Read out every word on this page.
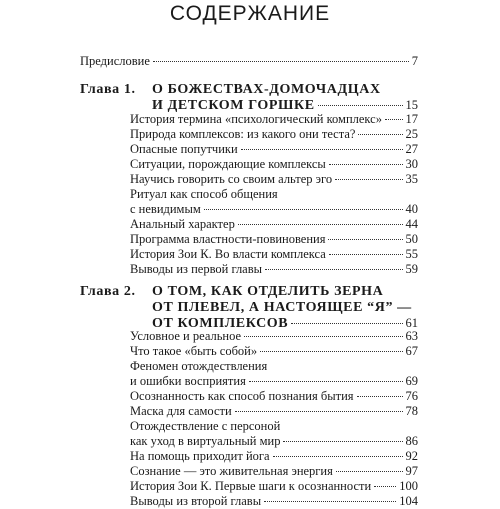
СОДЕРЖАНИЕ
Предисловие	7
Глава 1. О БОЖЕСТВАХ-ДОМОЧАДЦАХ
И ДЕТСКОМ ГОРШКЕ	15
История термина «психологический комплекс» 17
Природа комплексов: из какого они теста?	25
Опасные попутчики	27
Ситуации, порождающие комплексы	30
Научись говорить со своим альтер эго	35
Ритуал как способ общения
с невидимым	40
Анальный характер	44
Программа властности-повиновения	50
История Зои К. Во власти комплекса	55
Выводы из первой главы	59
Глава 2. О ТОМ, КАК ОТДЕЛИТЬ ЗЕРНА
ОТ ПЛЕВЕЛ, А НАСТОЯЩЕЕ “Я” —
ОТ КОМПЛЕКСОВ	61
Условное и реальное	63
Что такое «быть собой»	67
Феномен отождествления
и ошибки восприятия	69
Осознанность как способ познания бытия	76
Маска для самости	78
Отождествление с персоной
как уход в виртуальный мир	86
На помощь приходит йога	92
Сознание — это живительная энергия	97
История Зои К. Первые шаги к осознанности 100
Выводы из второй главы	104
